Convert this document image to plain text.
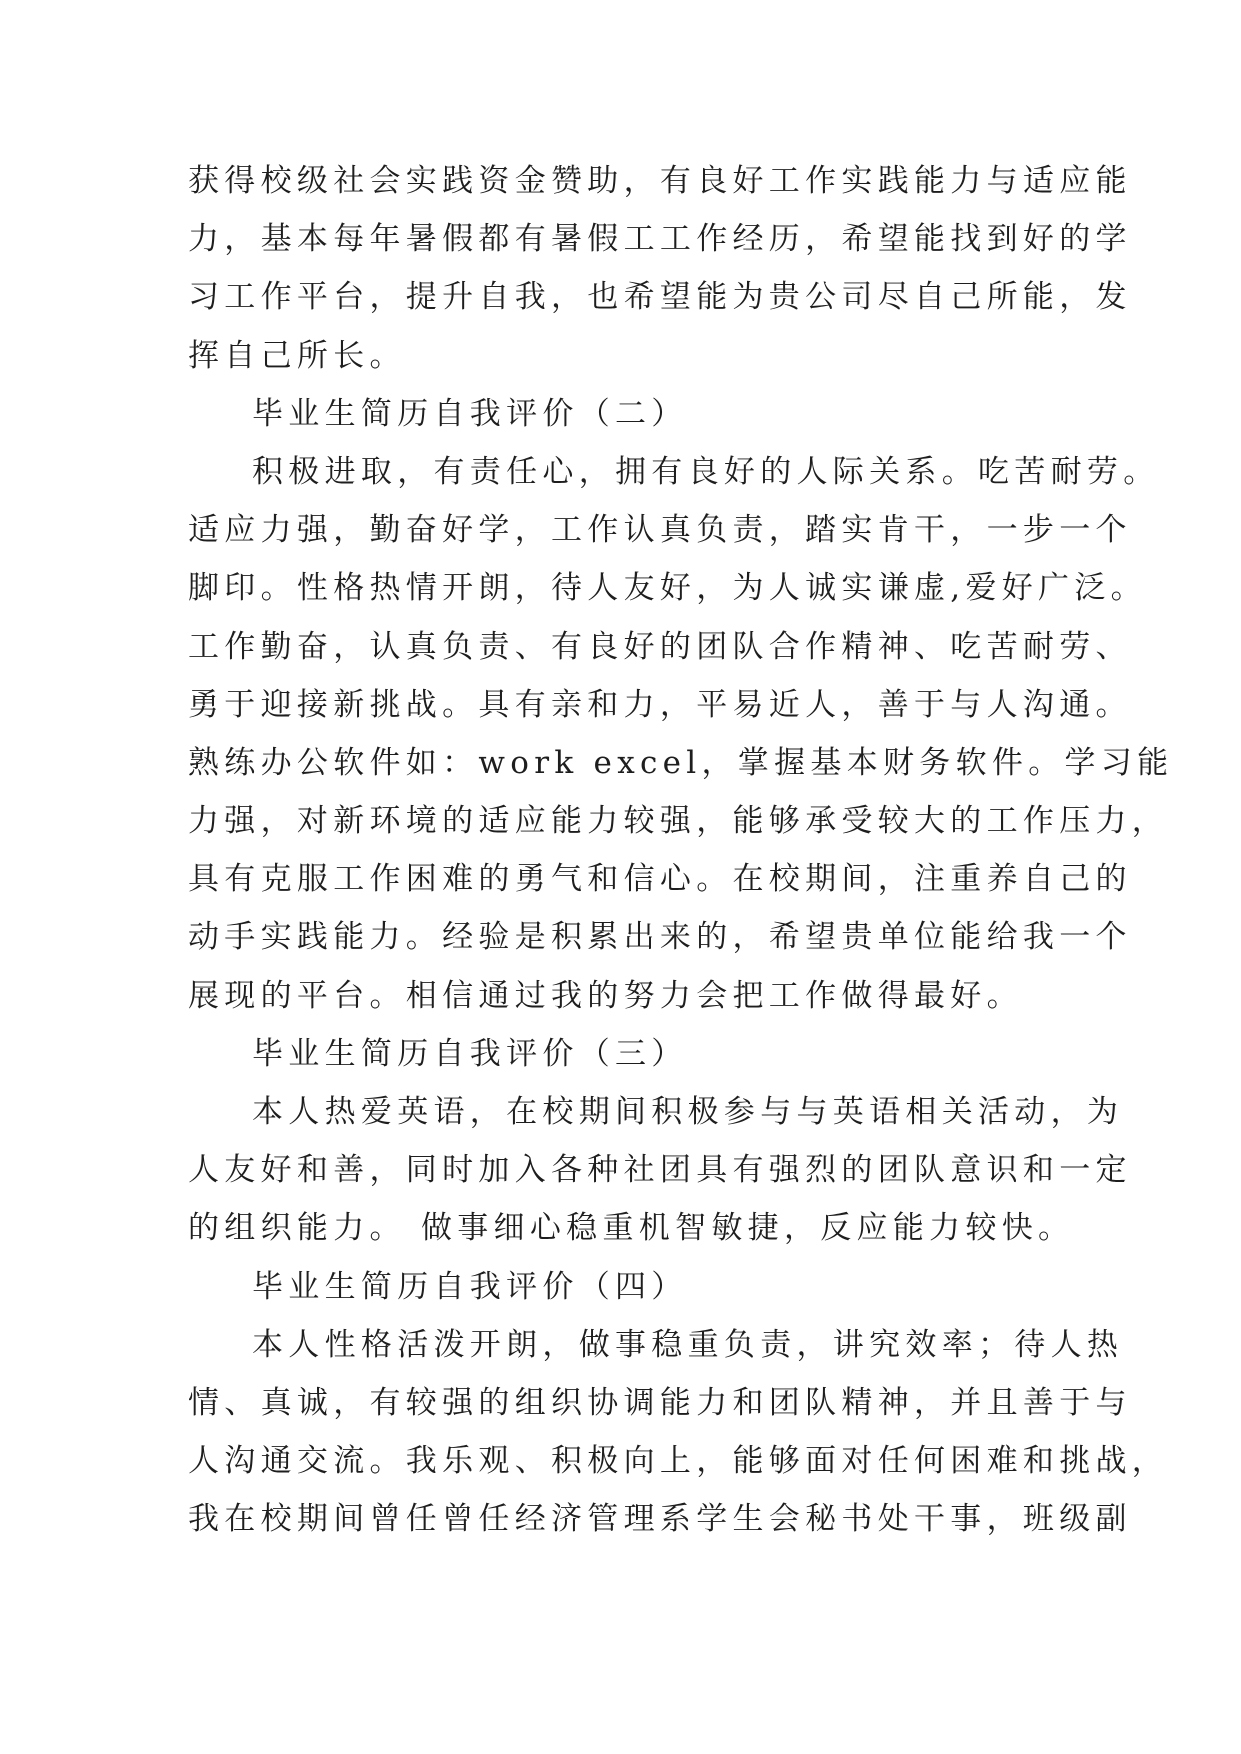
获得校级社会实践资金赞助，有良好工作实践能力与适应能
力，基本每年暑假都有暑假工工作经历，希望能找到好的学
习工作平台，提升自我，也希望能为贵公司尽自己所能，发
挥自己所长。
毕业生简历自我评价（二）
积极进取，有责任心，拥有良好的人际关系。吃苦耐劳。
适应力强，勤奋好学，工作认真负责，踏实肯干，一步一个
脚印。性格热情开朗，待人友好，为人诚实谦虚,爱好广泛。
工作勤奋，认真负责、有良好的团队合作精神、吃苦耐劳、
勇于迎接新挑战。具有亲和力，平易近人，善于与人沟通。
熟练办公软件如：work excel，掌握基本财务软件。学习能
力强，对新环境的适应能力较强，能够承受较大的工作压力，
具有克服工作困难的勇气和信心。在校期间，注重养自己的
动手实践能力。经验是积累出来的，希望贵单位能给我一个
展现的平台。相信通过我的努力会把工作做得最好。
毕业生简历自我评价（三）
本人热爱英语，在校期间积极参与与英语相关活动，为
人友好和善，同时加入各种社团具有强烈的团队意识和一定
的组织能力。 做事细心稳重机智敏捷，反应能力较快。
毕业生简历自我评价（四）
本人性格活泼开朗，做事稳重负责，讲究效率；待人热
情、真诚，有较强的组织协调能力和团队精神，并且善于与
人沟通交流。我乐观、积极向上，能够面对任何困难和挑战，
我在校期间曾任曾任经济管理系学生会秘书处干事，班级副
